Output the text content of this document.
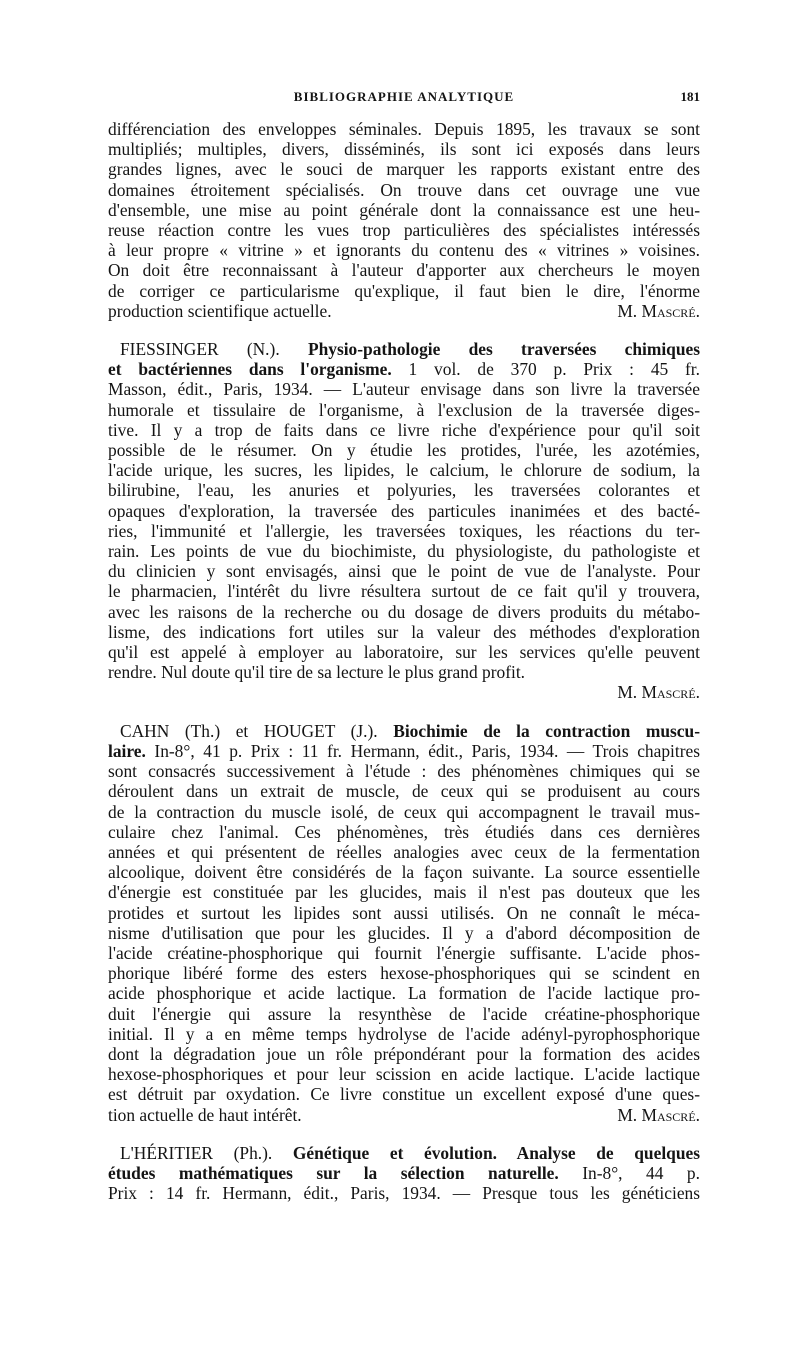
BIBLIOGRAPHIE ANALYTIQUE	181

différenciation des enveloppes séminales. Depuis 1895, les travaux se sont
multipliés; multiples, divers, disséminés, ils sont ici exposés dans leurs
grandes lignes, avec le souci de marquer les rapports existant entre des
domaines étroitement spécialisés. On trouve dans cet ouvrage une vue
d'ensemble, une mise au point générale dont la connaissance est une heu-
reuse réaction contre les vues trop particulières des spécialistes intéressés
à leur propre « vitrine » et ignorants du contenu des « vitrines » voisines.
On doit être reconnaissant à l'auteur d'apporter aux chercheurs le moyen
de corriger ce particularisme qu'explique, il faut bien le dire, l'énorme
production scientifique actuelle.	M. Mascré.

FIESSINGER (N.). Physio-pathologie des traversées chimiques
et bactériennes dans l'organisme. 1 vol. de 370 p. Prix : 45 fr.
Masson, édit., Paris, 1934. — L'auteur envisage dans son livre la traversée
humorale et tissulaire de l'organisme, à l'exclusion de la traversée diges-
tive. Il y a trop de faits dans ce livre riche d'expérience pour qu'il soit
possible de le résumer. On y étudie les protides, l'urée, les azotémies,
l'acide urique, les sucres, les lipides, le calcium, le chlorure de sodium, la
bilirubine, l'eau, les anuries et polyuries, les traversées colorantes et
opaques d'exploration, la traversée des particules inanimées et des bacté-
ries, l'immunité et l'allergie, les traversées toxiques, les réactions du ter-
rain. Les points de vue du biochimiste, du physiologiste, du pathologiste et
du clinicien y sont envisagés, ainsi que le point de vue de l'analyste. Pour
le pharmacien, l'intérêt du livre résultera surtout de ce fait qu'il y trouvera,
avec les raisons de la recherche ou du dosage de divers produits du métabo-
lisme, des indications fort utiles sur la valeur des méthodes d'exploration
qu'il est appelé à employer au laboratoire, sur les services qu'elle peuvent
rendre. Nul doute qu'il tire de sa lecture le plus grand profit.
M. Mascré.

CAHN (Th.) et HOUGET (J.). Biochimie de la contraction muscu-
laire. In-8°, 41 p. Prix : 11 fr. Hermann, édit., Paris, 1934. — Trois chapitres
sont consacrés successivement à l'étude : des phénomènes chimiques qui se
déroulent dans un extrait de muscle, de ceux qui se produisent au cours
de la contraction du muscle isolé, de ceux qui accompagnent le travail mus-
culaire chez l'animal. Ces phénomènes, très étudiés dans ces dernières
années et qui présentent de réelles analogies avec ceux de la fermentation
alcoolique, doivent être considérés de la façon suivante. La source essentielle
d'énergie est constituée par les glucides, mais il n'est pas douteux que les
protides et surtout les lipides sont aussi utilisés. On ne connaît le méca-
nisme d'utilisation que pour les glucides. Il y a d'abord décomposition de
l'acide créatine-phosphorique qui fournit l'énergie suffisante. L'acide phos-
phorique libéré forme des esters hexose-phosphoriques qui se scindent en
acide phosphorique et acide lactique. La formation de l'acide lactique pro-
duit l'énergie qui assure la resynthèse de l'acide créatine-phosphorique
initial. Il y a en même temps hydrolyse de l'acide adényl-pyrophosphorique
dont la dégradation joue un rôle prépondérant pour la formation des acides
hexose-phosphoriques et pour leur scission en acide lactique. L'acide lactique
est détruit par oxydation. Ce livre constitue un excellent exposé d'une ques-
tion actuelle de haut intérêt.	M. Mascré.

L'HÉRITIER (Ph.). Génétique et évolution. Analyse de quelques
études mathématiques sur la sélection naturelle. In-8°, 44 p.
Prix : 14 fr. Hermann, édit., Paris, 1934. — Presque tous les généticiens
